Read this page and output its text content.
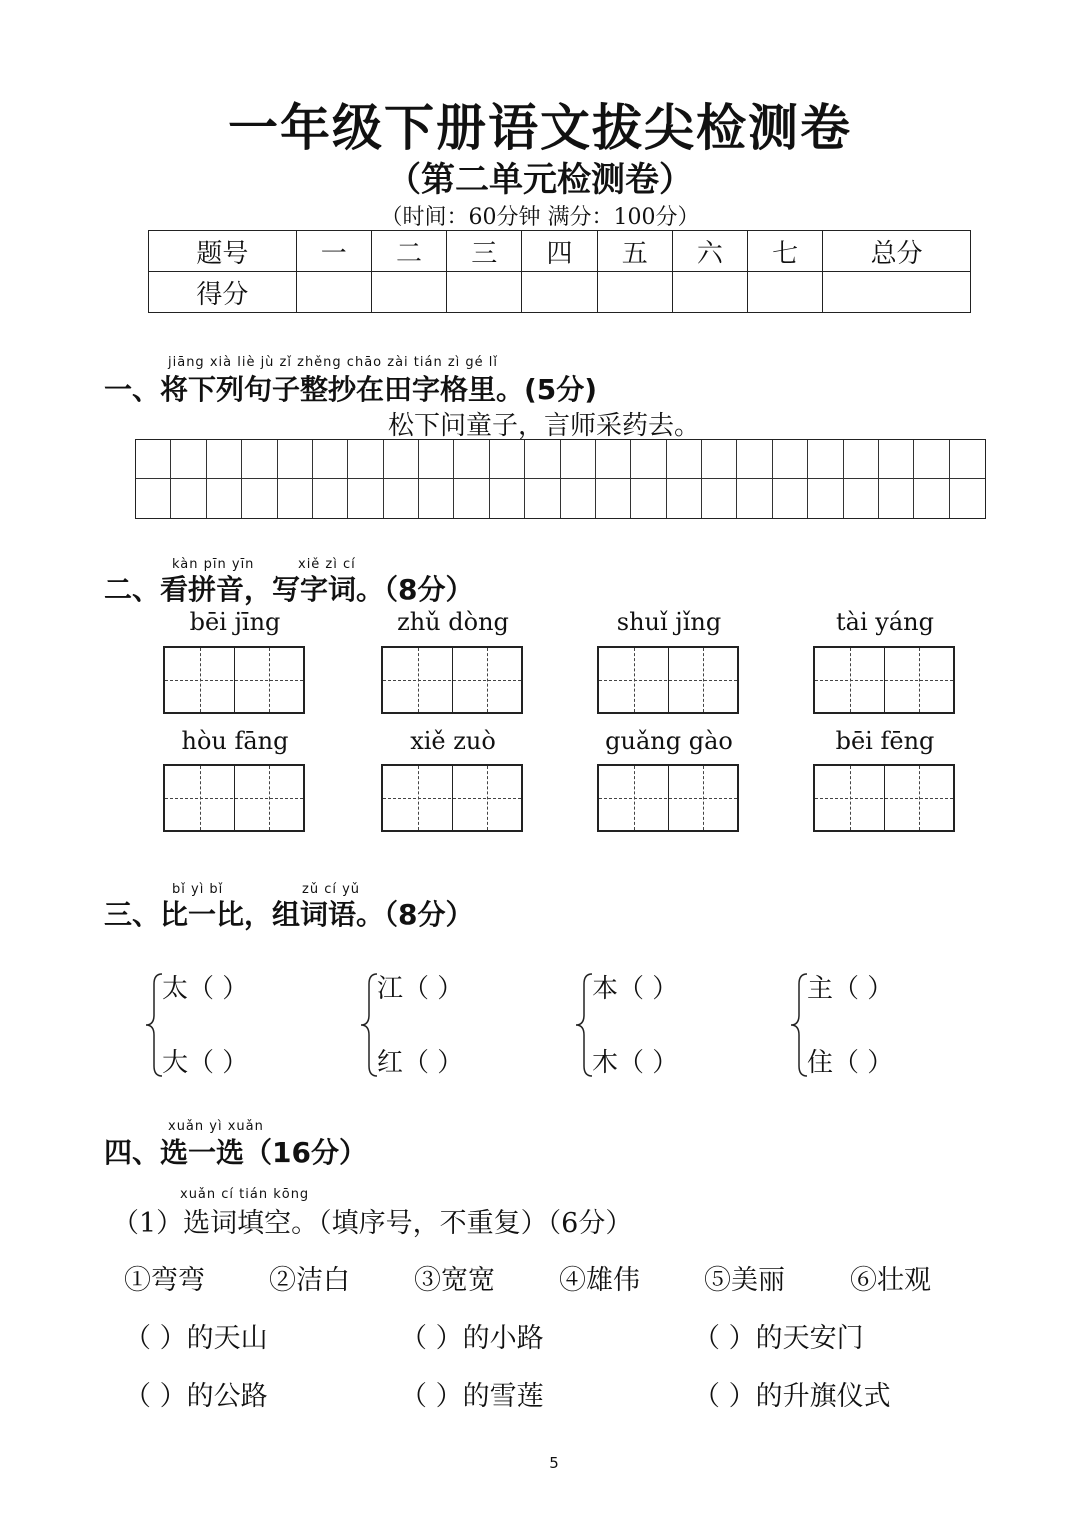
一年级下册语文拔尖检测卷
（第二单元检测卷）
（时间：60分钟 满分：100分）
题号	一	二	三	四	五	六	七	总分
得分								
jiāng xià liè jù zǐ zhěng chāo zài tián zì gé lǐ
一、将下列句子整抄在田字格里。(5分)
松下问童子，言师采药去。
kàn pīn yīn	xiě zì cí
二、看拼音，写字词。（8分）
bēi jīng	zhǔ dòng	shuǐ jǐng	tài yáng
hòu fāng	xiě zuò	guǎng gào	bēi fēng
bǐ yì bǐ	zǔ cí yǔ
三、比一比，组词语。（8分）
太（ ）
大（ ）
江（ ）
红（ ）
本（ ）
木（ ）
主（ ）
住（ ）
xuǎn yì xuǎn
四、选一选（16分）
xuǎn cí tián kōng
（1）选词填空。（填序号，不重复）（6分）
①弯弯 ②洁白 ③宽宽 ④雄伟 ⑤美丽 ⑥壮观
（ ）的天山	（ ）的小路	（ ）的天安门
（ ）的公路	（ ）的雪莲	（ ）的升旗仪式
5
